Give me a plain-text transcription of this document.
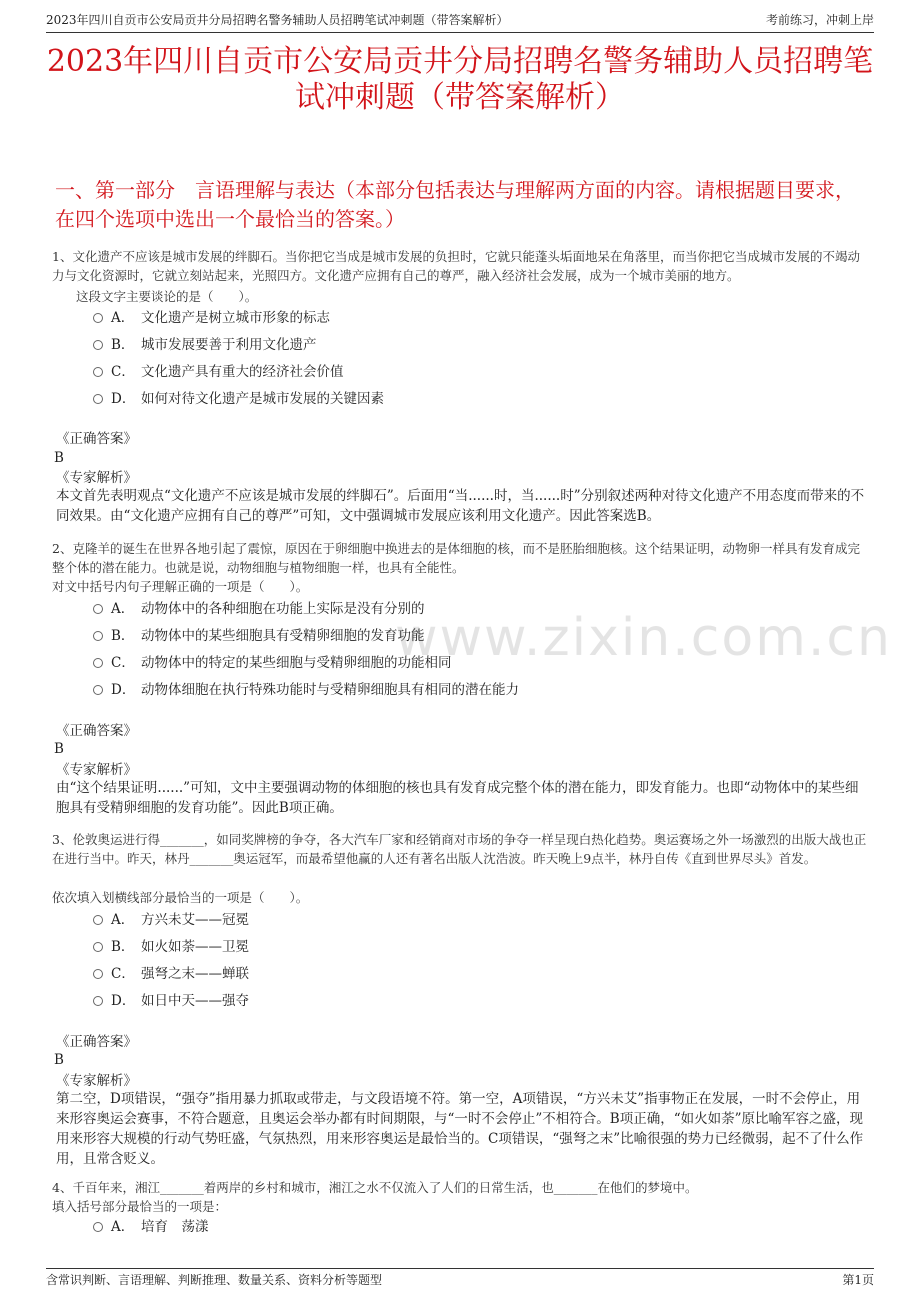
2023年四川自贡市公安局贡井分局招聘名警务辅助人员招聘笔试冲刺题（带答案解析）	考前练习，冲刺上岸
2023年四川自贡市公安局贡井分局招聘名警务辅助人员招聘笔试冲刺题（带答案解析）
一、第一部分　言语理解与表达（本部分包括表达与理解两方面的内容。请根据题目要求，在四个选项中选出一个最恰当的答案。）
www.zixin.com.cn

1、文化遗产不应该是城市发展的绊脚石。当你把它当成是城市发展的负担时，它就只能蓬头垢面地呆在角落里，而当你把它当成城市发展的不竭动力与文化资源时，它就立刻站起来，光照四方。文化遗产应拥有自己的尊严，融入经济社会发展，成为一个城市美丽的地方。

这段文字主要谈论的是（　　）。
A． 文化遗产是树立城市形象的标志
B． 城市发展要善于利用文化遗产
C． 文化遗产具有重大的经济社会价值
D． 如何对待文化遗产是城市发展的关键因素
《正确答案》
B
《专家解析》

本文首先表明观点“文化遗产不应该是城市发展的绊脚石”。后面用“当......时，当......时”分别叙述两种对待文化遗产不用态度而带来的不同效果。由“文化遗产应拥有自己的尊严”可知，文中强调城市发展应该利用文化遗产。因此答案选B。

2、克隆羊的诞生在世界各地引起了震惊，原因在于卵细胞中换进去的是体细胞的核，而不是胚胎细胞核。这个结果证明，动物卵一样具有发育成完整个体的潜在能力。也就是说，动物细胞与植物细胞一样，也具有全能性。

对文中括号内句子理解正确的一项是（　　）。
A． 动物体中的各种细胞在功能上实际是没有分别的
B． 动物体中的某些细胞具有受精卵细胞的发育功能
C． 动物体中的特定的某些细胞与受精卵细胞的功能相同
D． 动物体细胞在执行特殊功能时与受精卵细胞具有相同的潜在能力
《正确答案》
B
《专家解析》

由“这个结果证明......”可知，文中主要强调动物的体细胞的核也具有发育成完整个体的潜在能力，即发育能力。也即“动物体中的某些细胞具有受精卵细胞的发育功能”。因此B项正确。

3、伦敦奥运进行得_______，如同奖牌榜的争夺，各大汽车厂家和经销商对市场的争夺一样呈现白热化趋势。奥运赛场之外一场激烈的出版大战也正在进行当中。昨天，林丹_______奥运冠军，而最希望他赢的人还有著名出版人沈浩波。昨天晚上9点半，林丹自传《直到世界尽头》首发。

依次填入划横线部分最恰当的一项是（　　）。
A． 方兴未艾——冠冕
B． 如火如荼——卫冕
C． 强弩之末——蝉联
D． 如日中天——强夺
《正确答案》
B
《专家解析》

第二空，D项错误，“强夺”指用暴力抓取或带走，与文段语境不符。第一空，A项错误，“方兴未艾”指事物正在发展，一时不会停止，用来形容奥运会赛事，不符合题意，且奥运会举办都有时间期限，与“一时不会停止”不相符合。B项正确，“如火如荼”原比喻军容之盛，现用来形容大规模的行动气势旺盛，气氛热烈，用来形容奥运是最恰当的。C项错误，“强弩之末”比喻很强的势力已经微弱，起不了什么作用，且常含贬义。

4、千百年来，湘江_______着两岸的乡村和城市，湘江之水不仅流入了人们的日常生活，也_______在他们的梦境中。

填入括号部分最恰当的一项是：
A． 培育　荡漾
含常识判断、言语理解、判断推理、数量关系、资料分析等题型	第1页
